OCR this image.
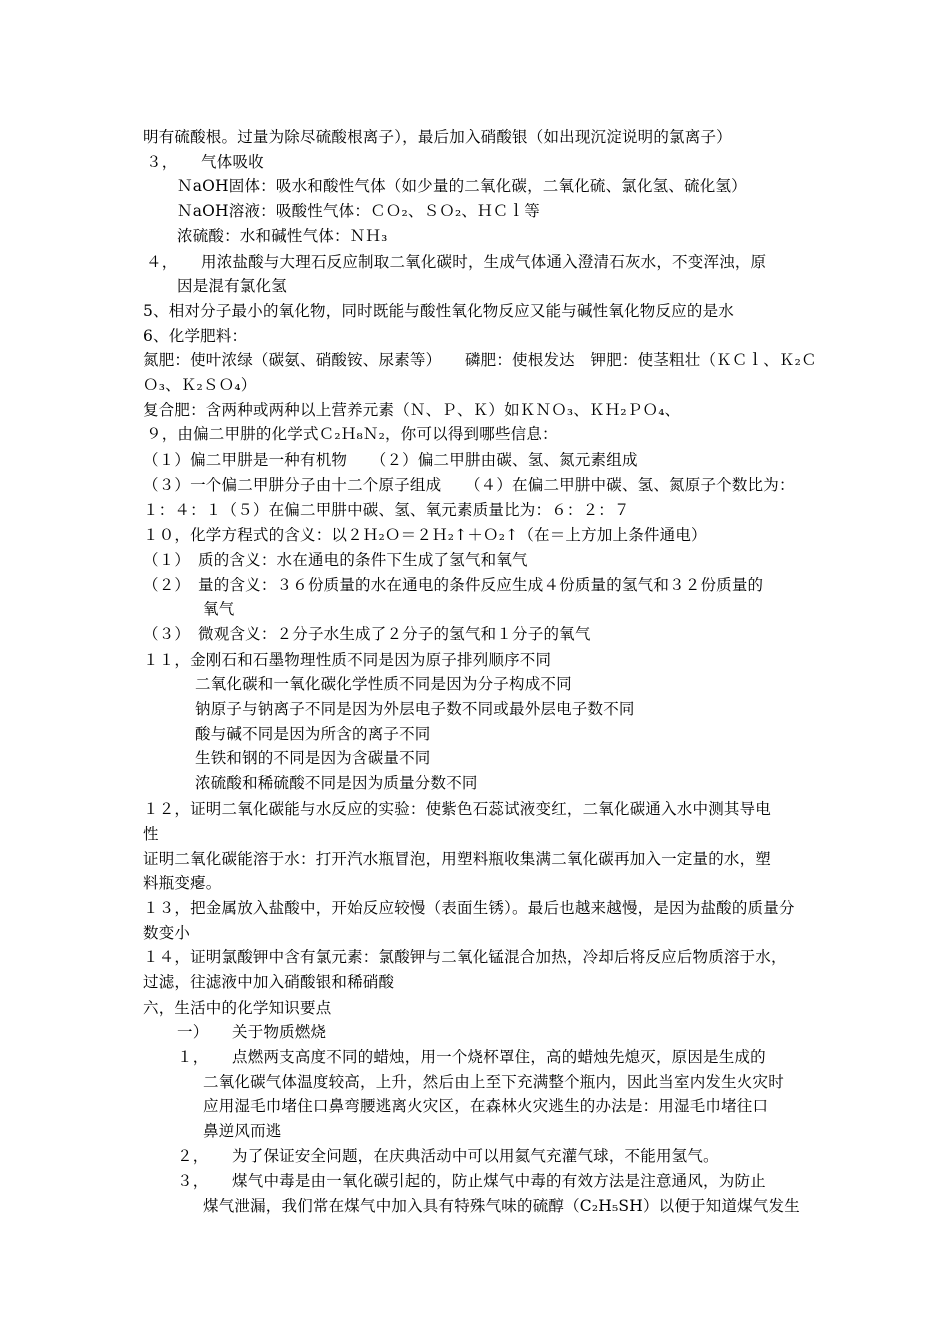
明有硫酸根。过量为除尽硫酸根离子），最后加入硝酸银（如出现沉淀说明的氯离子）
３，　　气体吸收
ＮaOH固体：吸水和酸性气体（如少量的二氧化碳，二氧化硫、氯化氢、硫化氢）
ＮaOH溶液：吸酸性气体：ＣＯ₂、ＳＯ₂、ＨＣｌ等
浓硫酸：水和碱性气体：ＮＨ₃
４，　　用浓盐酸与大理石反应制取二氧化碳时，生成气体通入澄清石灰水，不变浑浊，原
因是混有氯化氢
5、相对分子最小的氧化物，同时既能与酸性氧化物反应又能与碱性氧化物反应的是水
6、化学肥料：
氮肥：使叶浓绿（碳氨、硝酸铵、尿素等）　　磷肥：使根发达　钾肥：使茎粗壮（ＫＣｌ、Ｋ₂Ｃ
Ｏ₃、Ｋ₂ＳＯ₄）
复合肥：含两种或两种以上营养元素（Ｎ、Ｐ、Ｋ）如ＫＮＯ₃、ＫＨ₂ＰＯ₄、
９，由偏二甲肼的化学式Ｃ₂Ｈ₈Ｎ₂，你可以得到哪些信息：
（１）偏二甲肼是一种有机物　　（２）偏二甲肼由碳、氢、氮元素组成
（３）一个偏二甲肼分子由十二个原子组成　　（４）在偏二甲肼中碳、氢、氮原子个数比为：
１：４：１（５）在偏二甲肼中碳、氢、氧元素质量比为：６：２：７
１０，化学方程式的含义：以２Ｈ₂Ｏ＝２Ｈ₂↑＋Ｏ₂↑（在＝上方加上条件通电）
（１）　质的含义：水在通电的条件下生成了氢气和氧气
（２）　量的含义：３６份质量的水在通电的条件反应生成４份质量的氢气和３２份质量的
氧气
（３）　微观含义：２分子水生成了２分子的氢气和１分子的氧气
１１，金刚石和石墨物理性质不同是因为原子排列顺序不同
二氧化碳和一氧化碳化学性质不同是因为分子构成不同
钠原子与钠离子不同是因为外层电子数不同或最外层电子数不同
酸与碱不同是因为所含的离子不同
生铁和钢的不同是因为含碳量不同
浓硫酸和稀硫酸不同是因为质量分数不同
１２，证明二氧化碳能与水反应的实验：使紫色石蕊试液变红，二氧化碳通入水中测其导电
性
证明二氧化碳能溶于水：打开汽水瓶冒泡，用塑料瓶收集满二氧化碳再加入一定量的水，塑
料瓶变瘪。
１３，把金属放入盐酸中，开始反应较慢（表面生锈）。最后也越来越慢，是因为盐酸的质量分
数变小
１４，证明氯酸钾中含有氯元素：氯酸钾与二氧化锰混合加热，冷却后将反应后物质溶于水，
过滤，往滤液中加入硝酸银和稀硝酸
六，生活中的化学知识要点
一）　　关于物质燃烧
１，　　点燃两支高度不同的蜡烛，用一个烧杯罩住，高的蜡烛先熄灭，原因是生成的
二氧化碳气体温度较高，上升，然后由上至下充满整个瓶内，因此当室内发生火灾时
应用湿毛巾堵住口鼻弯腰逃离火灾区，在森林火灾逃生的办法是：用湿毛巾堵往口
鼻逆风而逃
２，　　为了保证安全问题，在庆典活动中可以用氦气充灌气球，不能用氢气。
３，　　煤气中毒是由一氧化碳引起的，防止煤气中毒的有效方法是注意通风，为防止
煤气泄漏，我们常在煤气中加入具有特殊气味的硫醇（C₂H₅SH）以便于知道煤气发生
